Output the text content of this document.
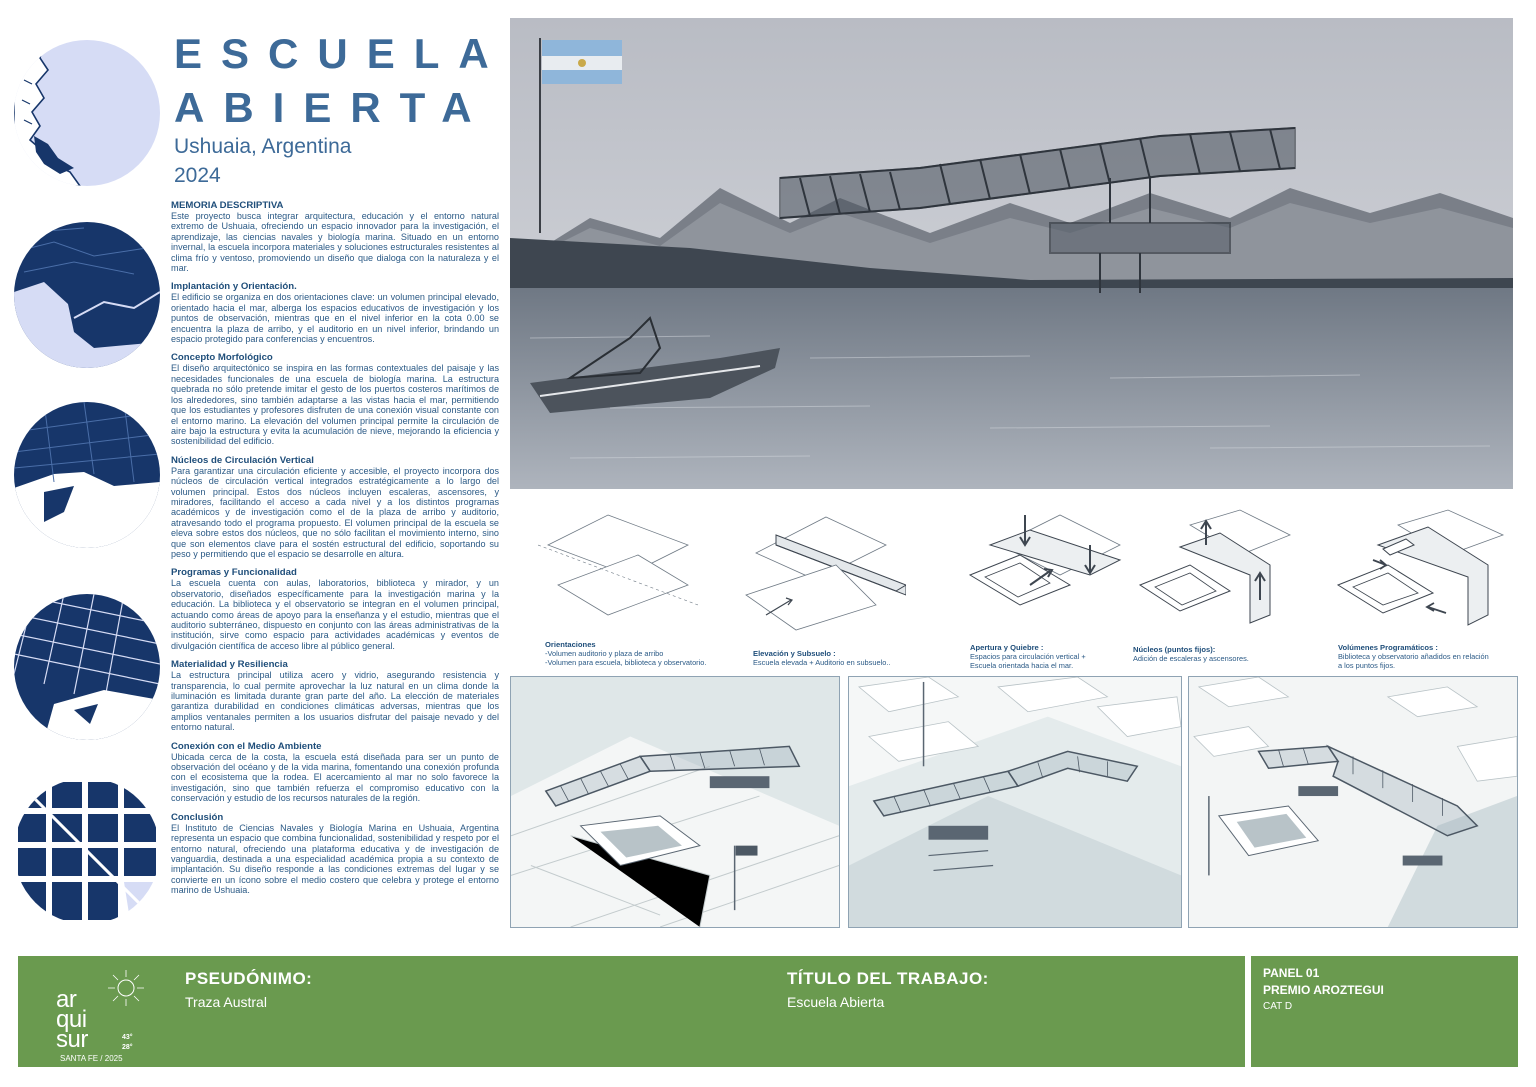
ESCUELA
ABIERTA
Ushuaia, Argentina
2024
MEMORIA DESCRIPTIVA

Este proyecto busca integrar arquitectura, educación y el entorno natural extremo de Ushuaia, ofreciendo un espacio innovador para la investigación, el aprendizaje, las ciencias navales y biología marina. Situado en un entorno invernal, la escuela incorpora materiales y soluciones estructurales resistentes al clima frío y ventoso, promoviendo un diseño que dialoga con la naturaleza y el mar.

Implantación y Orientación.

El edificio se organiza en dos orientaciones clave: un volumen principal elevado, orientado hacia el mar, alberga los espacios educativos de investigación y los puntos de observación, mientras que en el nivel inferior en la cota 0.00 se encuentra la plaza de arribo, y el auditorio en un nivel inferior, brindando un espacio protegido para conferencias y encuentros.

Concepto Morfológico

El diseño arquitectónico se inspira en las formas contextuales del paisaje y las necesidades funcionales de una escuela de biología marina. La estructura quebrada no sólo pretende imitar el gesto de los puertos costeros marítimos de los alrededores, sino también adaptarse a las vistas hacia el mar, permitiendo que los estudiantes y profesores disfruten de una conexión visual constante con el entorno marino. La elevación del volumen principal permite la circulación de aire bajo la estructura y evita la acumulación de nieve, mejorando la eficiencia y sostenibilidad del edificio.

Núcleos de Circulación Vertical

Para garantizar una circulación eficiente y accesible, el proyecto incorpora dos núcleos de circulación vertical integrados estratégicamente a lo largo del volumen principal. Estos dos núcleos incluyen escaleras, ascensores, y miradores, facilitando el acceso a cada nivel y a los distintos programas académicos y de investigación como el de la plaza de arribo y auditorio, atravesando todo el programa propuesto. El volumen principal de la escuela se eleva sobre estos dos núcleos, que no sólo facilitan el movimiento interno, sino que son elementos clave para el sostén estructural del edificio, soportando su peso y permitiendo que el espacio se desarrolle en altura.

Programas y Funcionalidad

La escuela cuenta con aulas, laboratorios, biblioteca y mirador, y un observatorio, diseñados específicamente para la investigación marina y la educación. La biblioteca y el observatorio se integran en el volumen principal, actuando como áreas de apoyo para la enseñanza y el estudio, mientras que el auditorio subterráneo, dispuesto en conjunto con las áreas administrativas de la institución, sirve como espacio para actividades académicas y eventos de divulgación científica de acceso libre al público general.

Materialidad y Resiliencia

La estructura principal utiliza acero y vidrio, asegurando resistencia y transparencia, lo cual permite aprovechar la luz natural en un clima donde la iluminación es limitada durante gran parte del año. La elección de materiales garantiza durabilidad en condiciones climáticas adversas, mientras que los amplios ventanales permiten a los usuarios disfrutar del paisaje nevado y del entorno natural.

Conexión con el Medio Ambiente

Ubicada cerca de la costa, la escuela está diseñada para ser un punto de observación del océano y de la vida marina, fomentando una conexión profunda con el ecosistema que la rodea. El acercamiento al mar no solo favorece la investigación, sino que también refuerza el compromiso educativo con la conservación y estudio de los recursos naturales de la región.

Conclusión

El Instituto de Ciencias Navales y Biología Marina en Ushuaia, Argentina representa un espacio que combina funcionalidad, sostenibilidad y respeto por el entorno natural, ofreciendo una plataforma educativa y de investigación de vanguardia, destinada a una especialidad académica propia a su contexto de implantación. Su diseño responde a las condiciones extremas del lugar y se convierte en un ícono sobre el medio costero que celebra y protege el entorno marino de Ushuaia.

Orientaciones
-Volumen auditorio y plaza de arribo
-Volumen para escuela, biblioteca y observatorio.
Elevación y Subsuelo :
Escuela elevada + Auditorio en subsuelo..
Apertura y Quiebre :
Espacios para circulación vertical +
Escuela orientada hacia el mar.
Núcleos (puntos fijos):
Adición de escaleras y ascensores.
Volúmenes Programáticos :
Biblioteca y observatorio añadidos en relación
a los puntos fijos.
ar
qui
sur	43°
28°
SANTA FE / 2025
PSEUDÓNIMO:
Traza Austral
TÍTULO DEL TRABAJO:
Escuela Abierta
PANEL 01
PREMIO AROZTEGUI
CAT D
